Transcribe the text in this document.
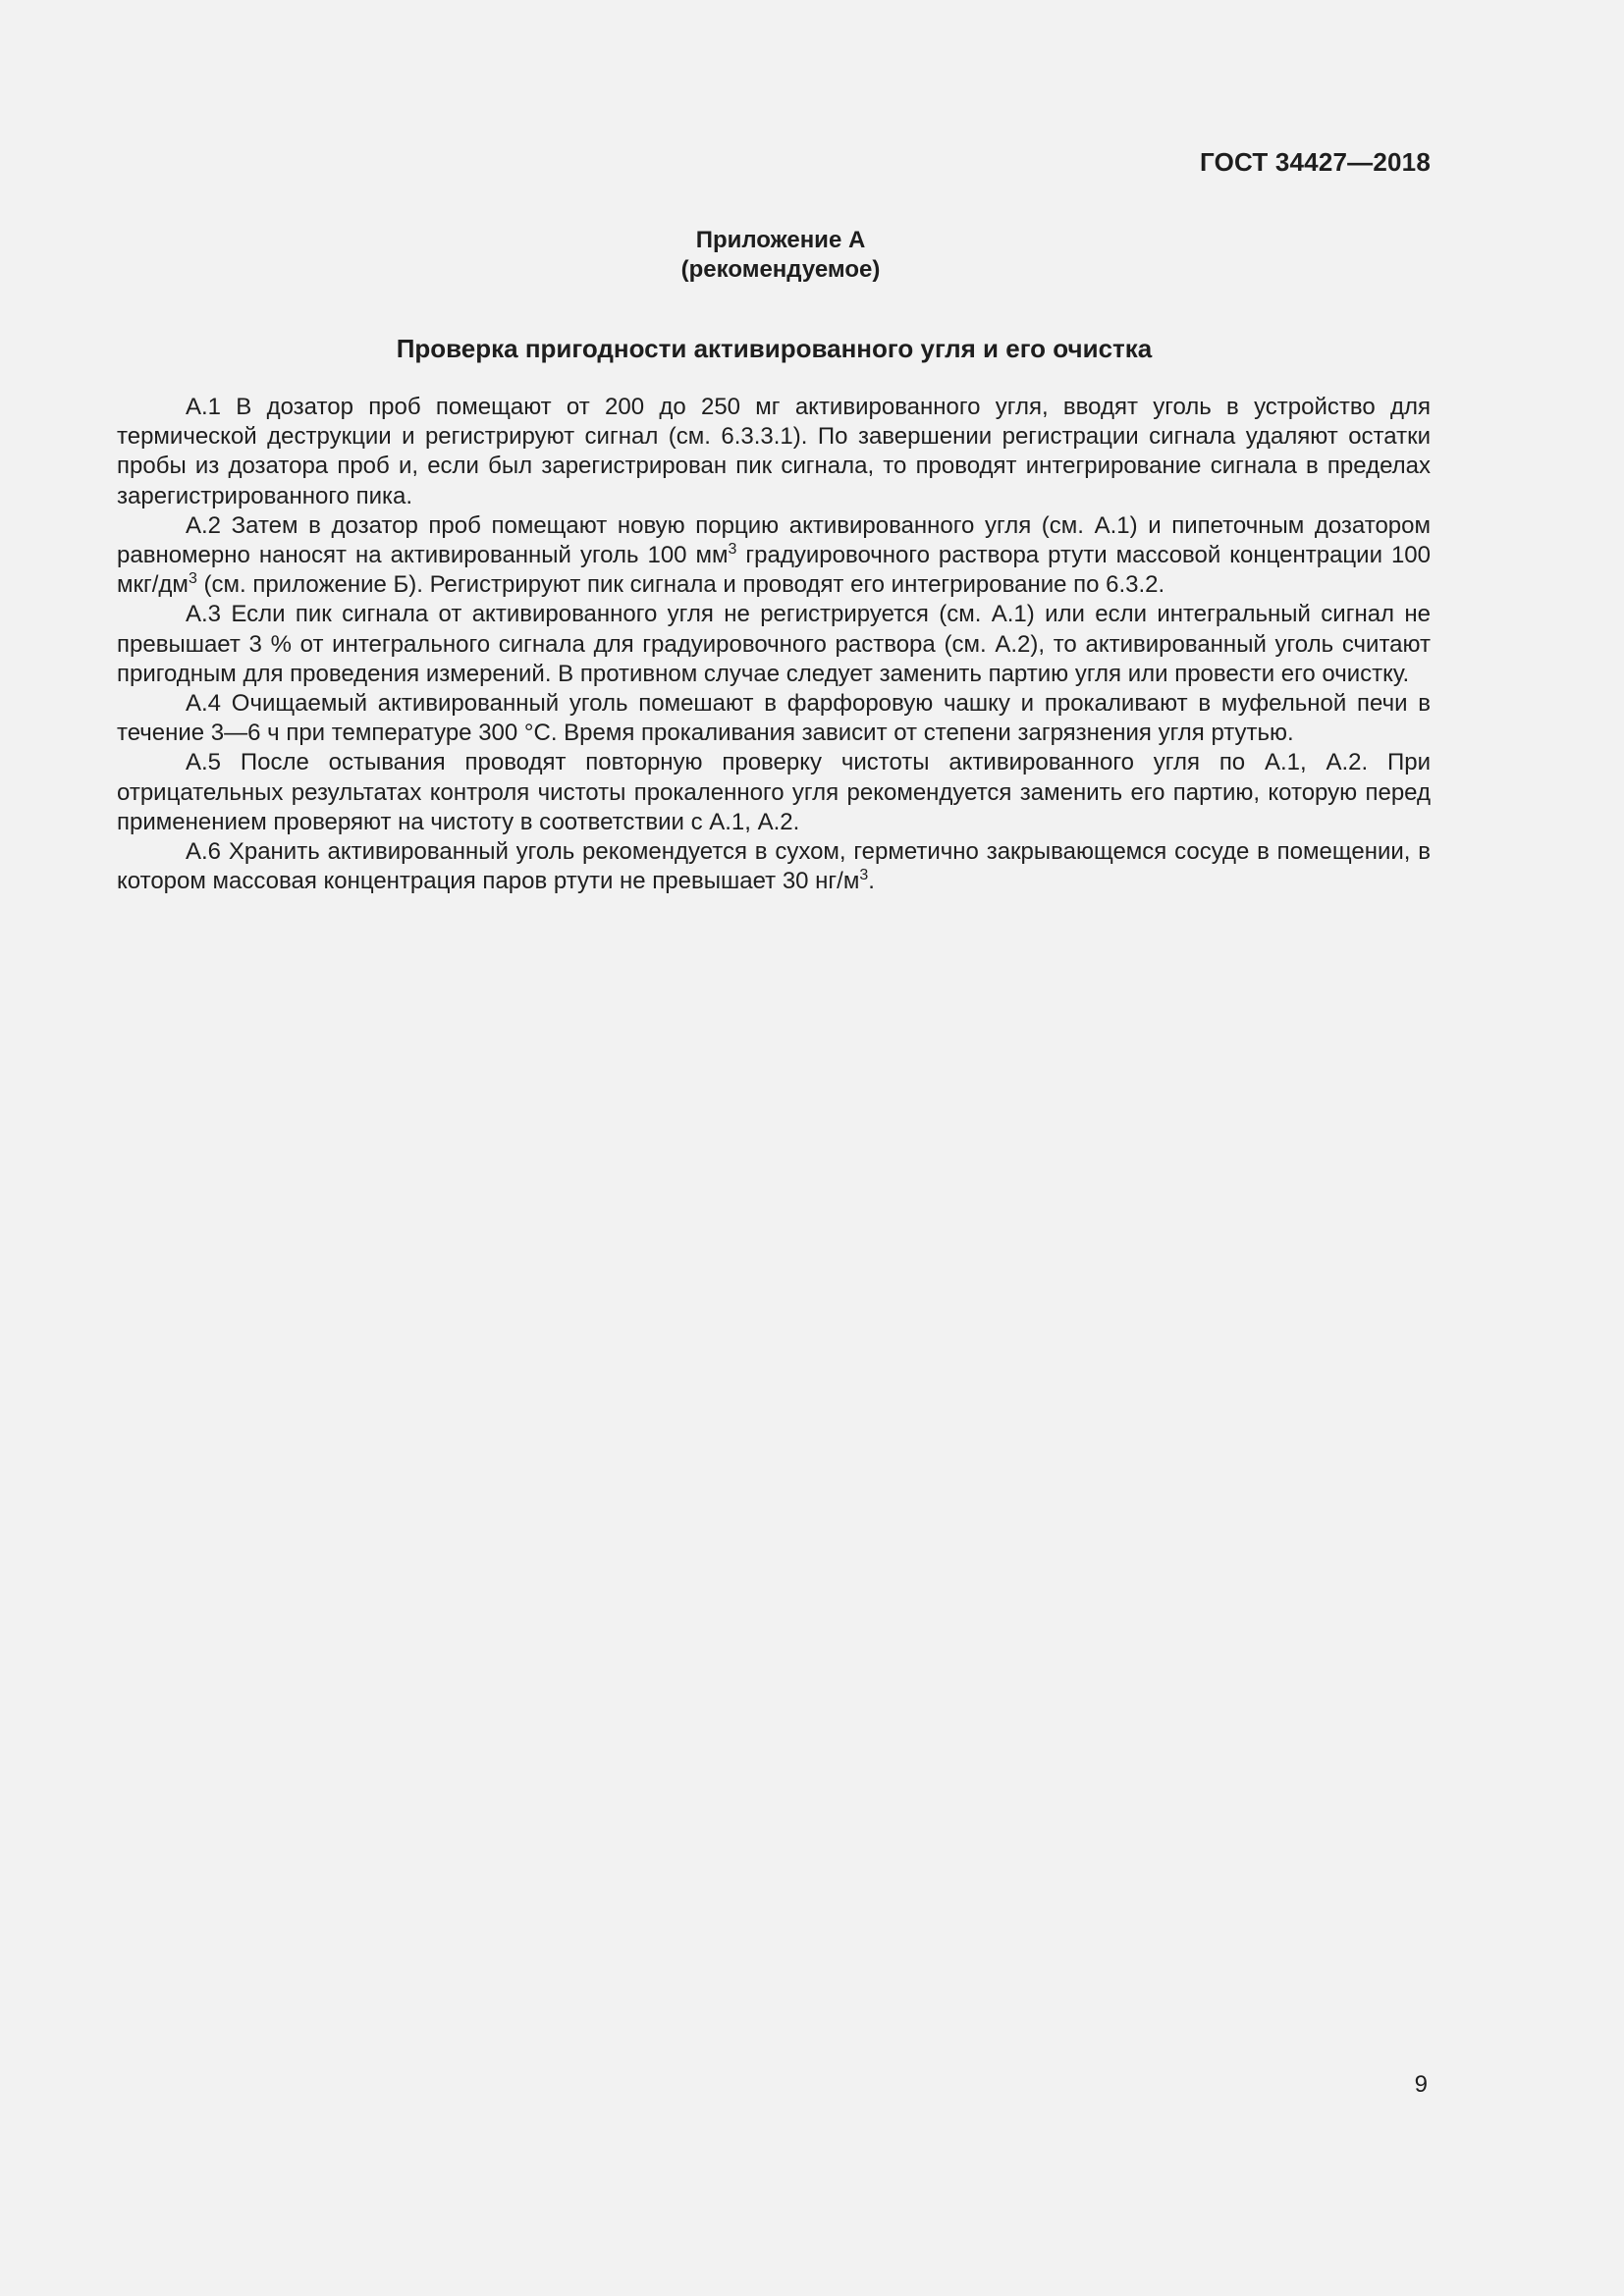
ГОСТ 34427—2018
Приложение А
(рекомендуемое)
Проверка пригодности активированного угля и его очистка

А.1 В дозатор проб помещают от 200 до 250 мг активированного угля, вводят уголь в устройство для термической деструкции и регистрируют сигнал (см. 6.3.3.1). По завершении регистрации сигнала удаляют остатки пробы из дозатора проб и, если был зарегистрирован пик сигнала, то проводят интегрирование сигнала в пределах зарегистрированного пика.

А.2 Затем в дозатор проб помещают новую порцию активированного угля (см. А.1) и пипеточным дозатором равномерно наносят на активированный уголь 100 $мм^3$ градуировочного раствора ртути массовой концентрации 100 мкг/$дм^3$ (см. приложение Б). Регистрируют пик сигнала и проводят его интегрирование по 6.3.2.

А.3 Если пик сигнала от активированного угля не регистрируется (см. А.1) или если интегральный сигнал не превышает 3 % от интегрального сигнала для градуировочного раствора (см. А.2), то активированный уголь считают пригодным для проведения измерений. В противном случае следует заменить партию угля или провести его очистку.

А.4 Очищаемый активированный уголь помешают в фарфоровую чашку и прокаливают в муфельной печи в течение 3—6 ч при температуре 300 °С. Время прокаливания зависит от степени загрязнения угля ртутью.

А.5 После остывания проводят повторную проверку чистоты активированного угля по А.1, А.2. При отрицательных результатах контроля чистоты прокаленного угля рекомендуется заменить его партию, которую перед применением проверяют на чистоту в соответствии с А.1, А.2.

А.6 Хранить активированный уголь рекомендуется в сухом, герметично закрывающемся сосуде в помещении, в котором массовая концентрация паров ртути не превышает 30 $нг/м^3$.

9
